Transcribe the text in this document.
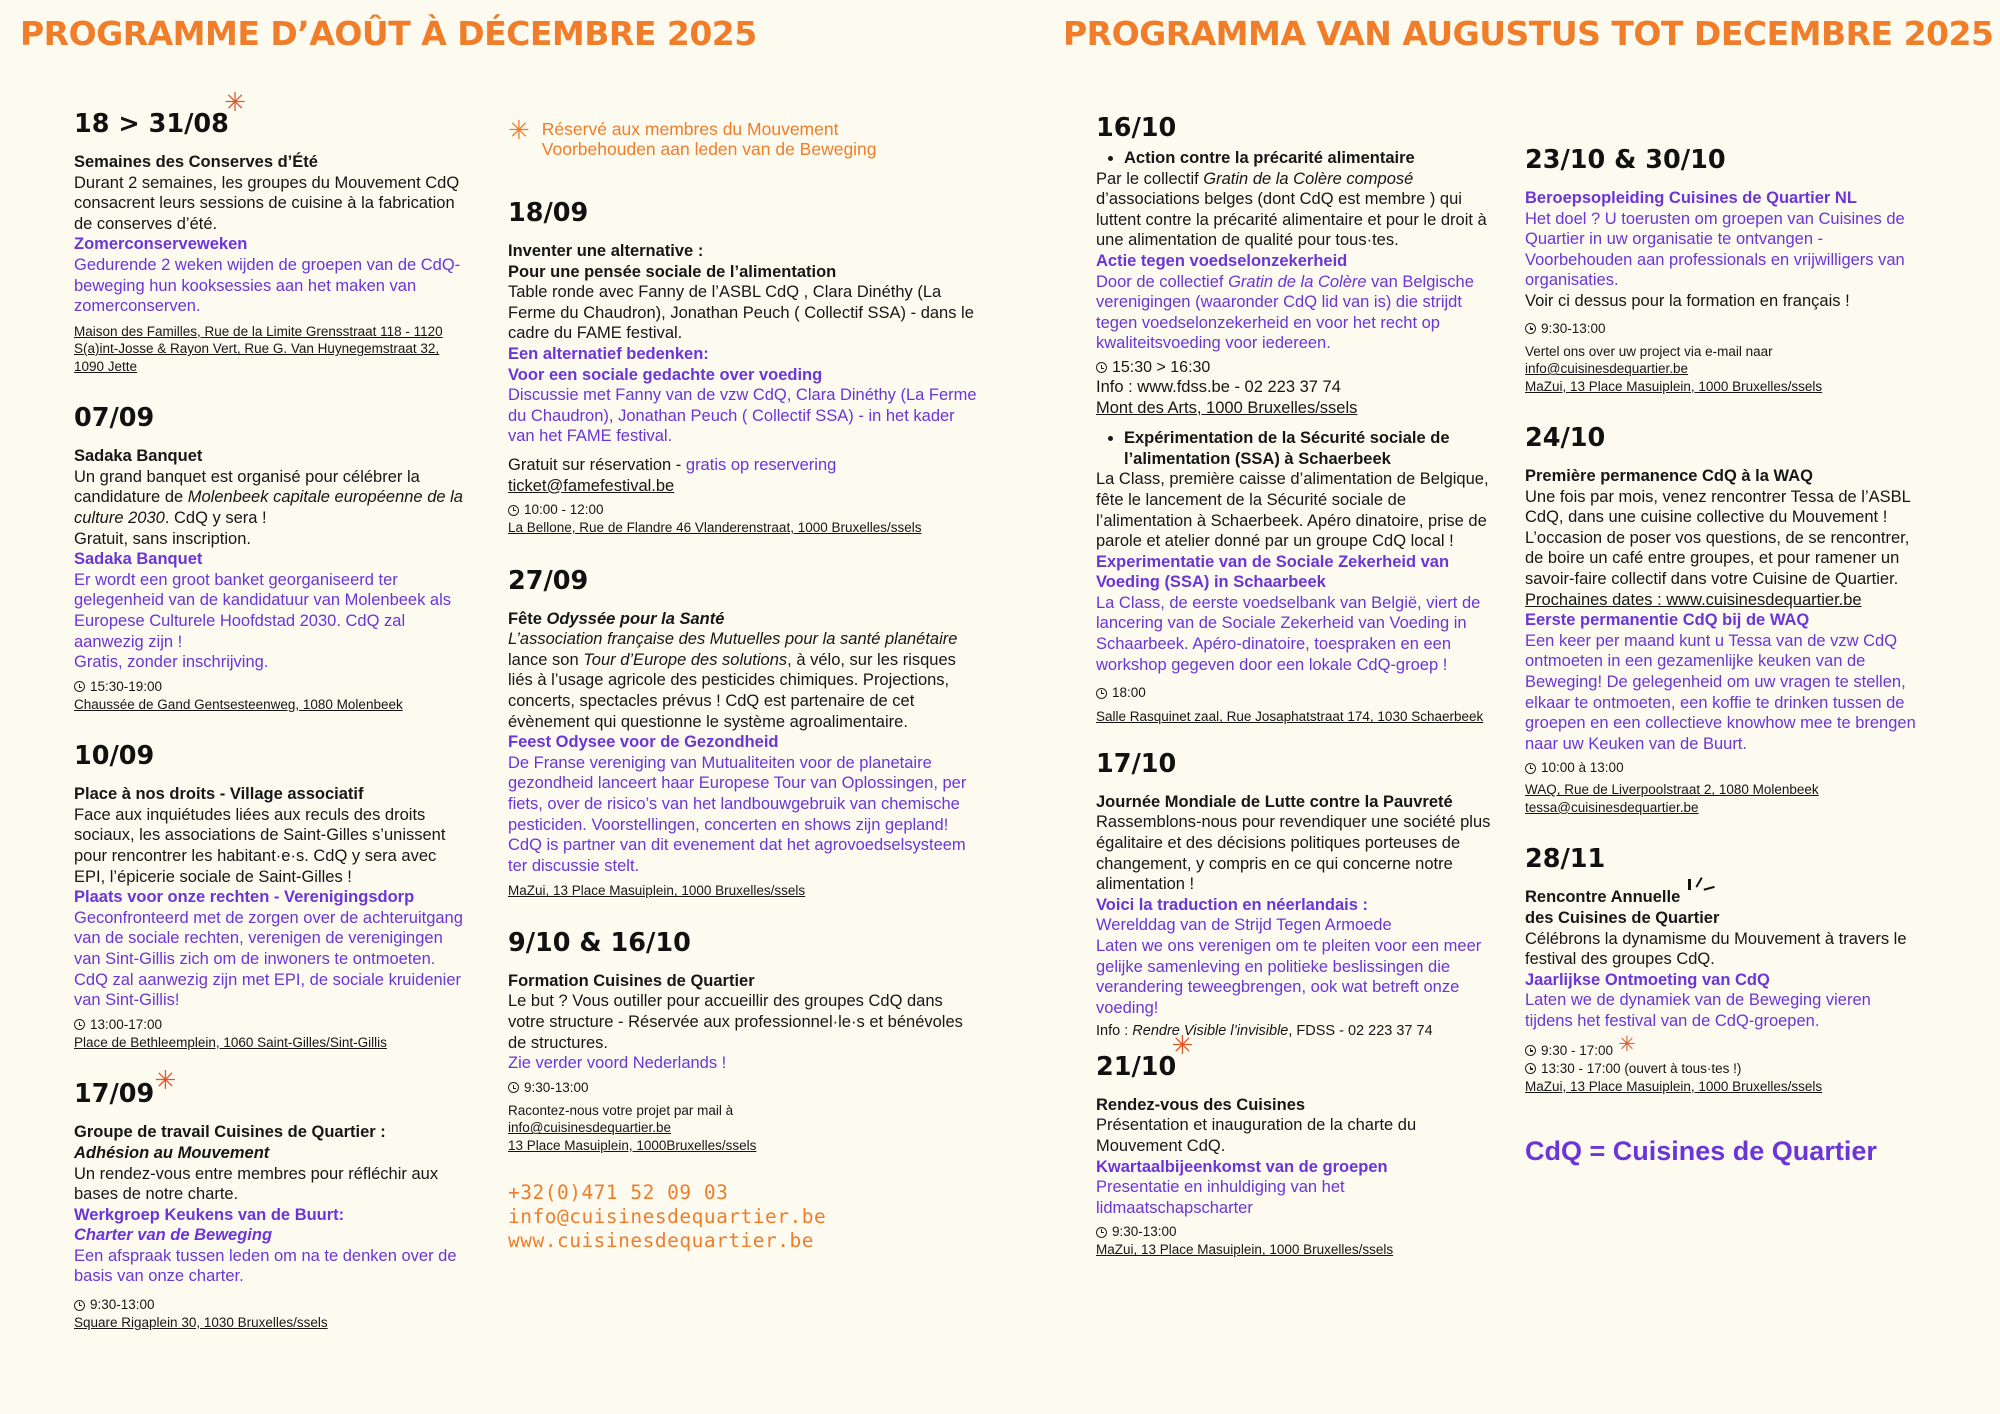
PROGRAMME D’AOÛT À DÉCEMBRE 2025	PROGRAMMA VAN AUGUSTUS TOT DECEMBRE 2025
18 > 31/08
✳
Semaines des Conserves d’Été
Durant 2 semaines, les groupes du Mouvement CdQ consacrent leurs sessions de cuisine à la fabrication de conserves d’été.
Zomerconserveweken
Gedurende 2 weken wijden de groepen van de CdQ-beweging hun kooksessies aan het maken van zomerconserven.
Maison des Familles, Rue de la Limite Grensstraat 118 - 1120 S(a)int-Josse & Rayon Vert, Rue G. Van Huynegemstraat 32, 1090 Jette
07/09
Sadaka Banquet
Un grand banquet est organisé pour célébrer la candidature de Molenbeek capitale européenne de la culture 2030. CdQ y sera !
Gratuit, sans inscription.
Sadaka Banquet
Er wordt een groot banket georganiseerd ter gelegenheid van de kandidatuur van Molenbeek als Europese Culturele Hoofdstad 2030. CdQ zal aanwezig zijn !
Gratis, zonder inschrijving.
15:30-19:00
Chaussée de Gand Gentsesteenweg, 1080 Molenbeek
10/09
Place à nos droits - Village associatif
Face aux inquiétudes liées aux reculs des droits sociaux, les associations de Saint-Gilles s’unissent pour rencontrer les habitant·e·s. CdQ y sera avec EPI, l’épicerie sociale de Saint-Gilles !
Plaats voor onze rechten - Verenigingsdorp
Geconfronteerd met de zorgen over de achteruitgang van de sociale rechten, verenigen de verenigingen van Sint-Gillis zich om de inwoners te ontmoeten. CdQ zal aanwezig zijn met EPI, de sociale kruidenier van Sint-Gillis!
13:00-17:00
Place de Bethleemplein, 1060 Saint-Gilles/Sint-Gillis
17/09 ✳
Groupe de travail Cuisines de Quartier :
Adhésion au Mouvement
Un rendez-vous entre membres pour réfléchir aux bases de notre charte.
Werkgroep Keukens van de Buurt:
Charter van de Beweging
Een afspraak tussen leden om na te denken over de basis van onze charter.
9:30-13:00
Square Rigaplein 30, 1030 Bruxelles/ssels
✳ Réservé aux membres du Mouvement Voorbehouden aan leden van de Beweging
18/09
Inventer une alternative :
Pour une pensée sociale de l’alimentation
Table ronde avec Fanny de l’ASBL CdQ , Clara Dinéthy (La Ferme du Chaudron), Jonathan Peuch ( Collectif SSA) - dans le cadre du FAME festival.
Een alternatief bedenken:
Voor een sociale gedachte over voeding
Discussie met Fanny van de vzw CdQ, Clara Dinéthy (La Ferme du Chaudron), Jonathan Peuch ( Collectif SSA) - in het kader van het FAME festival.
Gratuit sur réservation - gratis op reservering
ticket@famefestival.be
10:00 - 12:00
La Bellone, Rue de Flandre 46 Vlanderenstraat, 1000 Bruxelles/ssels
27/09
Fête Odyssée pour la Santé
L’association française des Mutuelles pour la santé planétaire lance son Tour d’Europe des solutions, à vélo, sur les risques liés à l’usage agricole des pesticides chimiques. Projections, concerts, spectacles prévus ! CdQ est partenaire de cet évènement qui questionne le système agroalimentaire.
Feest Odysee voor de Gezondheid
De Franse vereniging van Mutualiteiten voor de planetaire gezondheid lanceert haar Europese Tour van Oplossingen, per fiets, over de risico’s van het landbouwgebruik van chemische pesticiden. Voorstellingen, concerten en shows zijn gepland! CdQ is partner van dit evenement dat het agrovoedselsysteem ter discussie stelt.
MaZui, 13 Place Masuiplein, 1000 Bruxelles/ssels
9/10 & 16/10
Formation Cuisines de Quartier
Le but ? Vous outiller pour accueillir des groupes CdQ dans votre structure - Réservée aux professionnel·le·s et bénévoles de structures.
Zie verder voord Nederlands !
9:30-13:00
Racontez-nous votre projet par mail à
info@cuisinesdequartier.be
13 Place Masuiplein, 1000Bruxelles/ssels
+32(0)471 52 09 03
info@cuisinesdequartier.be
www.cuisinesdequartier.be
16/10
• Action contre la précarité alimentaire
Par le collectif Gratin de la Colère composé d’associations belges (dont CdQ est membre ) qui luttent contre la précarité alimentaire et pour le droit à une alimentation de qualité pour tous·tes.
Actie tegen voedselonzekerheid
Door de collectief Gratin de la Colère van Belgische verenigingen (waaronder CdQ lid van is) die strijdt tegen voedselonzekerheid en voor het recht op kwaliteitsvoeding voor iedereen.
15:30 > 16:30
Info : www.fdss.be - 02 223 37 74
Mont des Arts, 1000 Bruxelles/ssels
• Expérimentation de la Sécurité sociale de l’alimentation (SSA) à Schaerbeek
La Class, première caisse d’alimentation de Belgique, fête le lancement de la Sécurité sociale de l’alimentation à Schaerbeek. Apéro dinatoire, prise de parole et atelier donné par un groupe CdQ local !
Experimentatie van de Sociale Zekerheid van Voeding (SSA) in Schaarbeek
La Class, de eerste voedselbank van België, viert de lancering van de Sociale Zekerheid van Voeding in Schaarbeek. Apéro-dinatoire, toespraken en een workshop gegeven door een lokale CdQ-groep !
18:00
Salle Rasquinet zaal, Rue Josaphatstraat 174, 1030 Schaerbeek
17/10
Journée Mondiale de Lutte contre la Pauvreté
Rassemblons-nous pour revendiquer une société plus égalitaire et des décisions politiques porteuses de changement, y compris en ce qui concerne notre alimentation !
Voici la traduction en néerlandais :
Werelddag van de Strijd Tegen Armoede
Laten we ons verenigen om te pleiten voor een meer gelijke samenleving en politieke beslissingen die verandering teweegbrengen, ook wat betreft onze voeding!
Info : Rendre Visible l’invisible, FDSS - 02 223 37 74
21/10
✳
Rendez-vous des Cuisines
Présentation et inauguration de la charte du Mouvement CdQ.
Kwartaalbijeenkomst van de groepen
Presentatie en inhuldiging van het lidmaatschapscharter
9:30-13:00
MaZui, 13 Place Masuiplein, 1000 Bruxelles/ssels
23/10 & 30/10
Beroepsopleiding Cuisines de Quartier NL
Het doel ? U toerusten om groepen van Cuisines de Quartier in uw organisatie te ontvangen - Voorbehouden aan professionals en vrijwilligers van organisaties.
Voir ci dessus pour la formation en français !
9:30-13:00
Vertel ons over uw project via e-mail naar
info@cuisinesdequartier.be
MaZui, 13 Place Masuiplein, 1000 Bruxelles/ssels
24/10
Première permanence CdQ à la WAQ
Une fois par mois, venez rencontrer Tessa de l’ASBL CdQ, dans une cuisine collective du Mouvement ! L’occasion de poser vos questions, de se rencontrer, de boire un café entre groupes, et pour ramener un savoir-faire collectif dans votre Cuisine de Quartier.
Prochaines dates : www.cuisinesdequartier.be
Eerste permanentie CdQ bij de WAQ
Een keer per maand kunt u Tessa van de vzw CdQ ontmoeten in een gezamenlijke keuken van de Beweging! De gelegenheid om uw vragen te stellen, elkaar te ontmoeten, een koffie te drinken tussen de groepen en een collectieve knowhow mee te brengen naar uw Keuken van de Buurt.
10:00 à 13:00
WAQ, Rue de Liverpoolstraat 2, 1080 Molenbeek
tessa@cuisinesdequartier.be
28/11
Rencontre Annuelle
des Cuisines de Quartier
Célébrons la dynamisme du Mouvement à travers le festival des groupes CdQ.
Jaarlijkse Ontmoeting van CdQ
Laten we de dynamiek van de Beweging vieren tijdens het festival van de CdQ-groepen.
9:30 - 17:00 ✳
13:30 - 17:00 (ouvert à tous·tes !)
MaZui, 13 Place Masuiplein, 1000 Bruxelles/ssels
CdQ = Cuisines de Quartier
